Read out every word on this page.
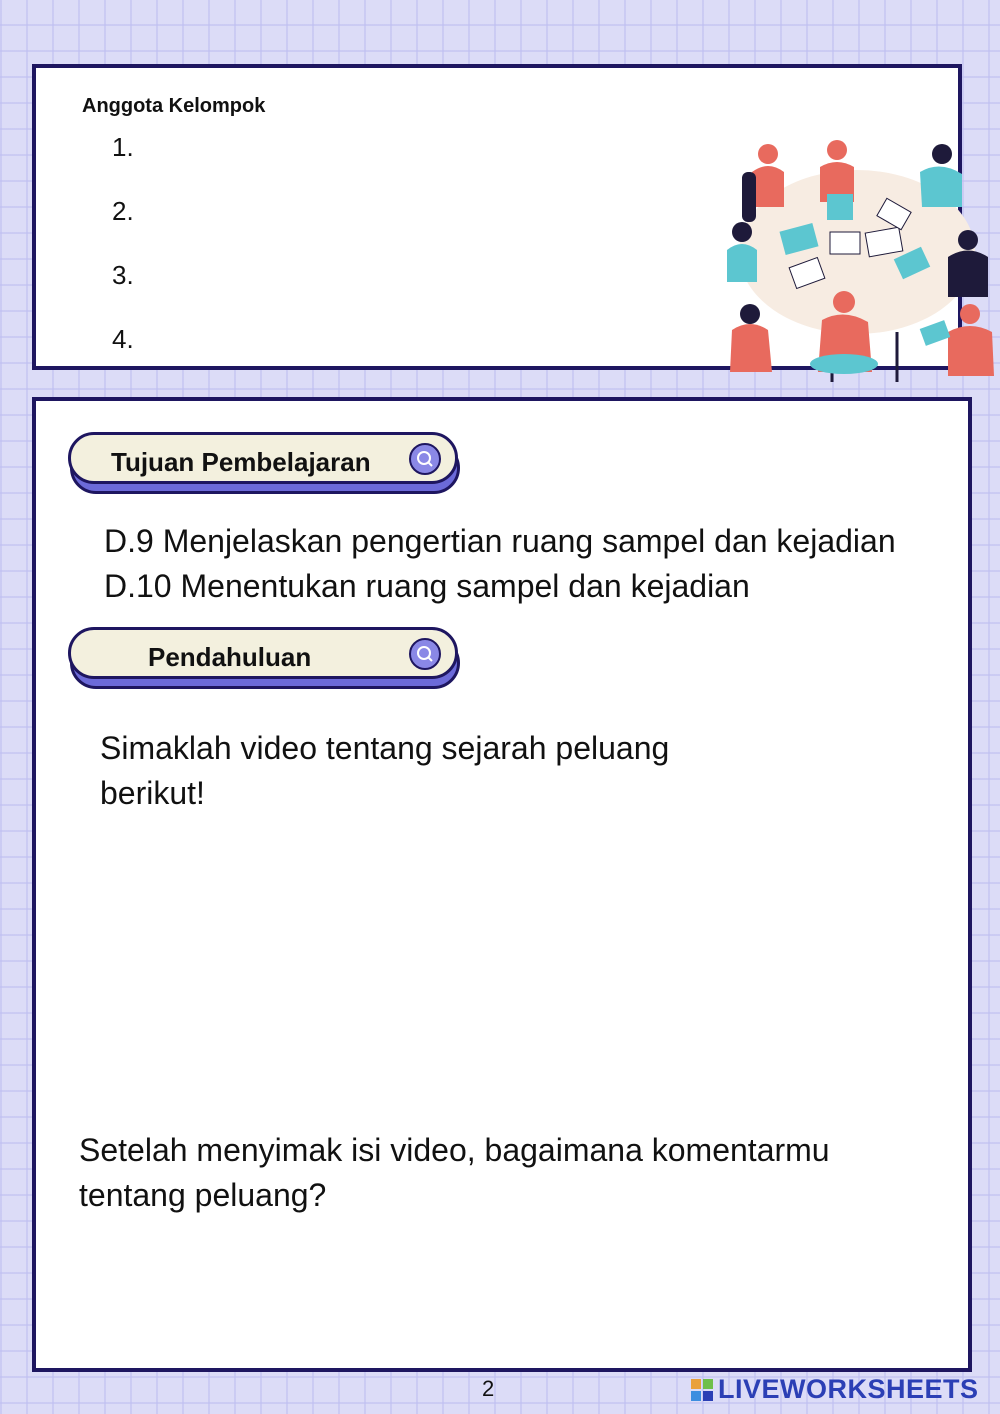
Anggota Kelompok
1.
2.
3.
4.
Tujuan Pembelajaran
D.9 Menjelaskan pengertian ruang sampel dan kejadian
D.10 Menentukan ruang sampel dan kejadian
Pendahuluan
Simaklah video tentang sejarah peluang
berikut!
Setelah menyimak isi video, bagaimana komentarmu
tentang peluang?
2	LIVEWORKSHEETS
